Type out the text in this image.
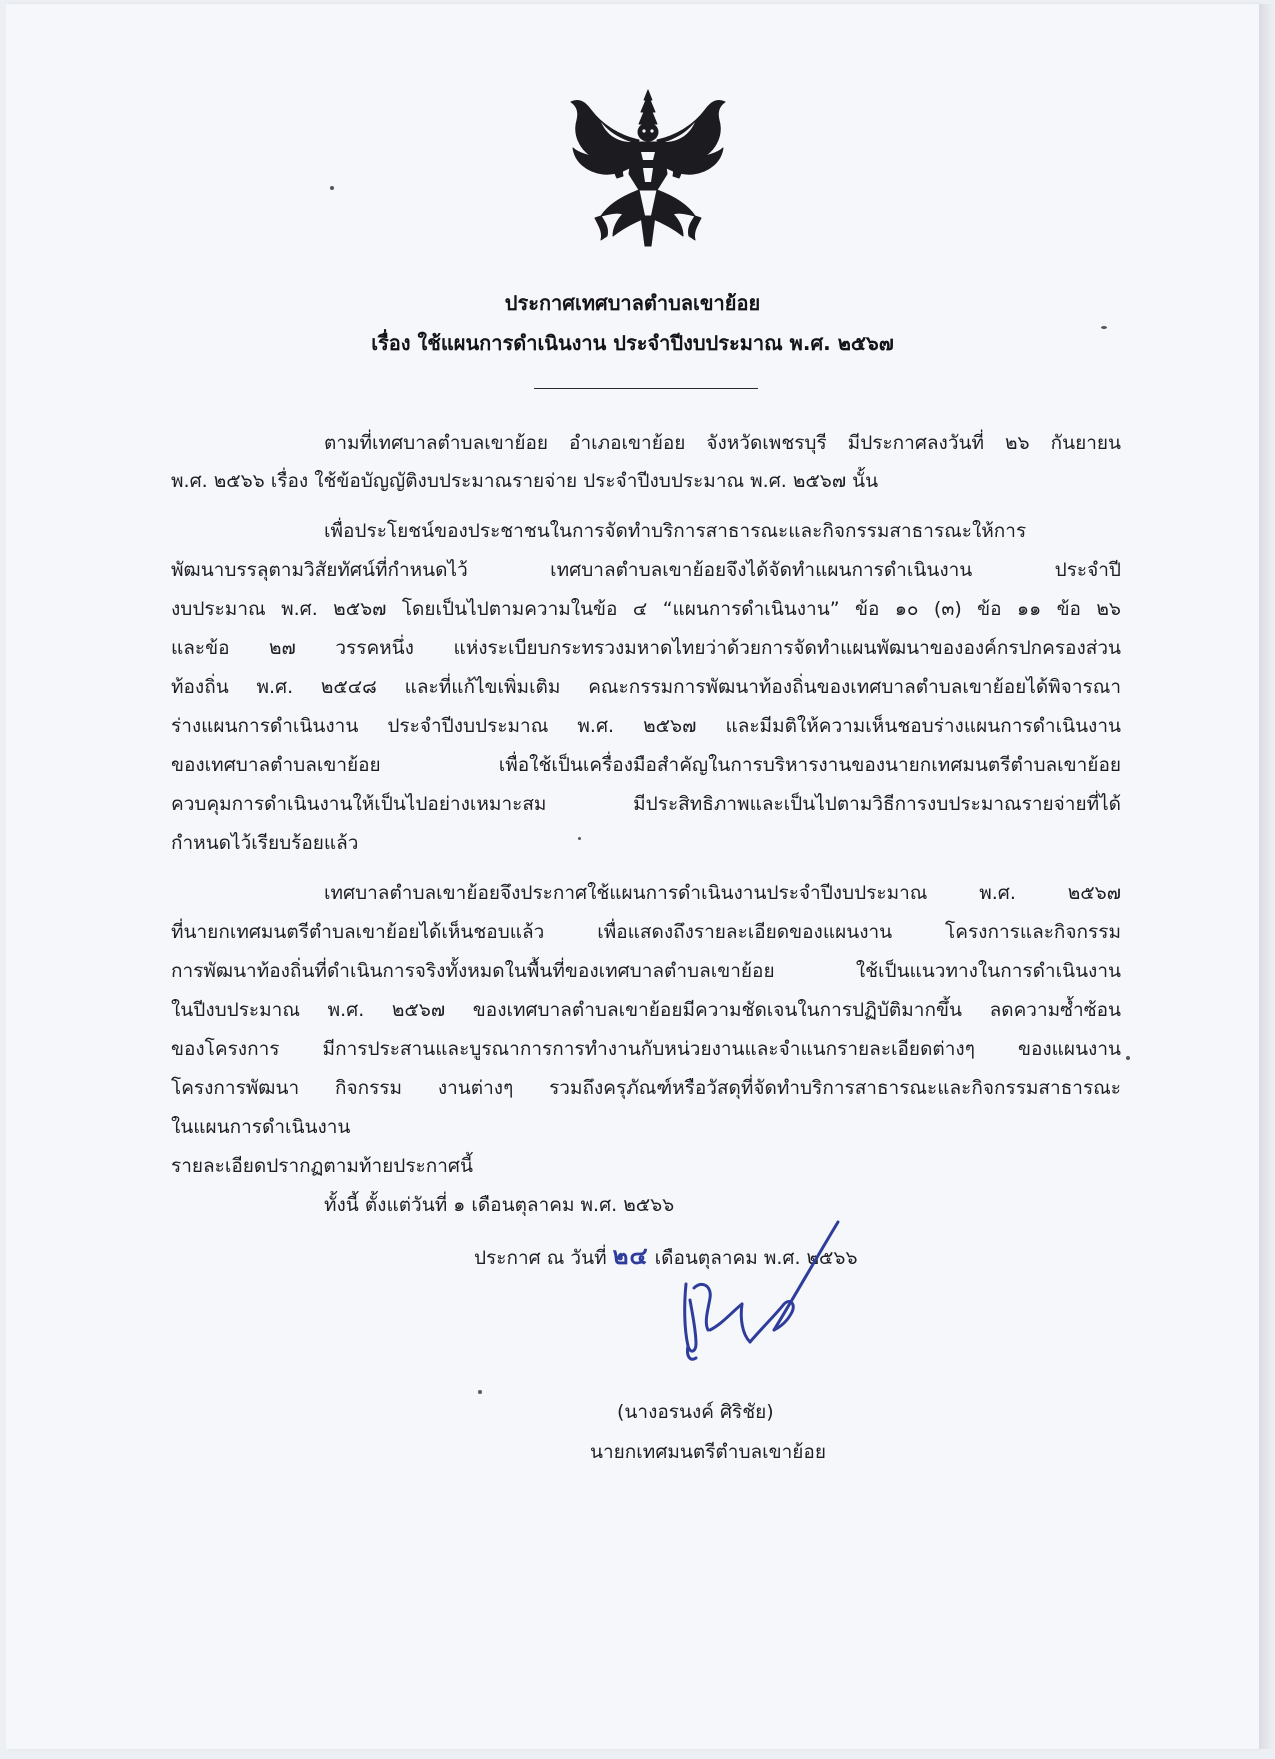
ประกาศเทศบาลตำบลเขาย้อย
เรื่อง ใช้แผนการดำเนินงาน ประจำปีงบประมาณ พ.ศ. ๒๕๖๗
ตามที่เทศบาลตำบลเขาย้อย อำเภอเขาย้อย จังหวัดเพชรบุรี มีประกาศลงวันที่ ๒๖ กันยายน
พ.ศ. ๒๕๖๖ เรื่อง ใช้ข้อบัญญัติงบประมาณรายจ่าย ประจำปีงบประมาณ พ.ศ. ๒๕๖๗ นั้น
เพื่อประโยชน์ของประชาชนในการจัดทำบริการสาธารณะและกิจกรรมสาธารณะให้การ
พัฒนาบรรลุตามวิสัยทัศน์ที่กำหนดไว้ เทศบาลตำบลเขาย้อยจึงได้จัดทำแผนการดำเนินงาน ประจำปี
งบประมาณ พ.ศ. ๒๕๖๗ โดยเป็นไปตามความในข้อ ๔ “แผนการดำเนินงาน” ข้อ ๑๐ (๓) ข้อ ๑๑ ข้อ ๒๖
และข้อ ๒๗ วรรคหนึ่ง แห่งระเบียบกระทรวงมหาดไทยว่าด้วยการจัดทำแผนพัฒนาขององค์กรปกครองส่วน
ท้องถิ่น พ.ศ. ๒๕๔๘ และที่แก้ไขเพิ่มเติม คณะกรรมการพัฒนาท้องถิ่นของเทศบาลตำบลเขาย้อยได้พิจารณา
ร่างแผนการดำเนินงาน ประจำปีงบประมาณ พ.ศ. ๒๕๖๗ และมีมติให้ความเห็นชอบร่างแผนการดำเนินงาน
ของเทศบาลตำบลเขาย้อย เพื่อใช้เป็นเครื่องมือสำคัญในการบริหารงานของนายกเทศมนตรีตำบลเขาย้อย
ควบคุมการดำเนินงานให้เป็นไปอย่างเหมาะสม มีประสิทธิภาพและเป็นไปตามวิธีการงบประมาณรายจ่ายที่ได้
กำหนดไว้เรียบร้อยแล้ว
เทศบาลตำบลเขาย้อยจึงประกาศใช้แผนการดำเนินงานประจำปีงบประมาณ พ.ศ. ๒๕๖๗
ที่นายกเทศมนตรีตำบลเขาย้อยได้เห็นชอบแล้ว เพื่อแสดงถึงรายละเอียดของแผนงาน โครงการและกิจกรรม
การพัฒนาท้องถิ่นที่ดำเนินการจริงทั้งหมดในพื้นที่ของเทศบาลตำบลเขาย้อย ใช้เป็นแนวทางในการดำเนินงาน
ในปีงบประมาณ พ.ศ. ๒๕๖๗ ของเทศบาลตำบลเขาย้อยมีความชัดเจนในการปฏิบัติมากขึ้น ลดความซ้ำซ้อน
ของโครงการ มีการประสานและบูรณาการการทำงานกับหน่วยงานและจำแนกรายละเอียดต่างๆ ของแผนงาน
โครงการพัฒนา กิจกรรม งานต่างๆ รวมถึงครุภัณฑ์หรือวัสดุที่จัดทำบริการสาธารณะและกิจกรรมสาธารณะ
ในแผนการดำเนินงาน
รายละเอียดปรากฏตามท้ายประกาศนี้
ทั้งนี้ ตั้งแต่วันที่ ๑ เดือนตุลาคม พ.ศ. ๒๕๖๖
ประกาศ ณ วันที่ ๒๔ เดือนตุลาคม พ.ศ. ๒๕๖๖
(นางอรนงค์ ศิริชัย)
นายกเทศมนตรีตำบลเขาย้อย
